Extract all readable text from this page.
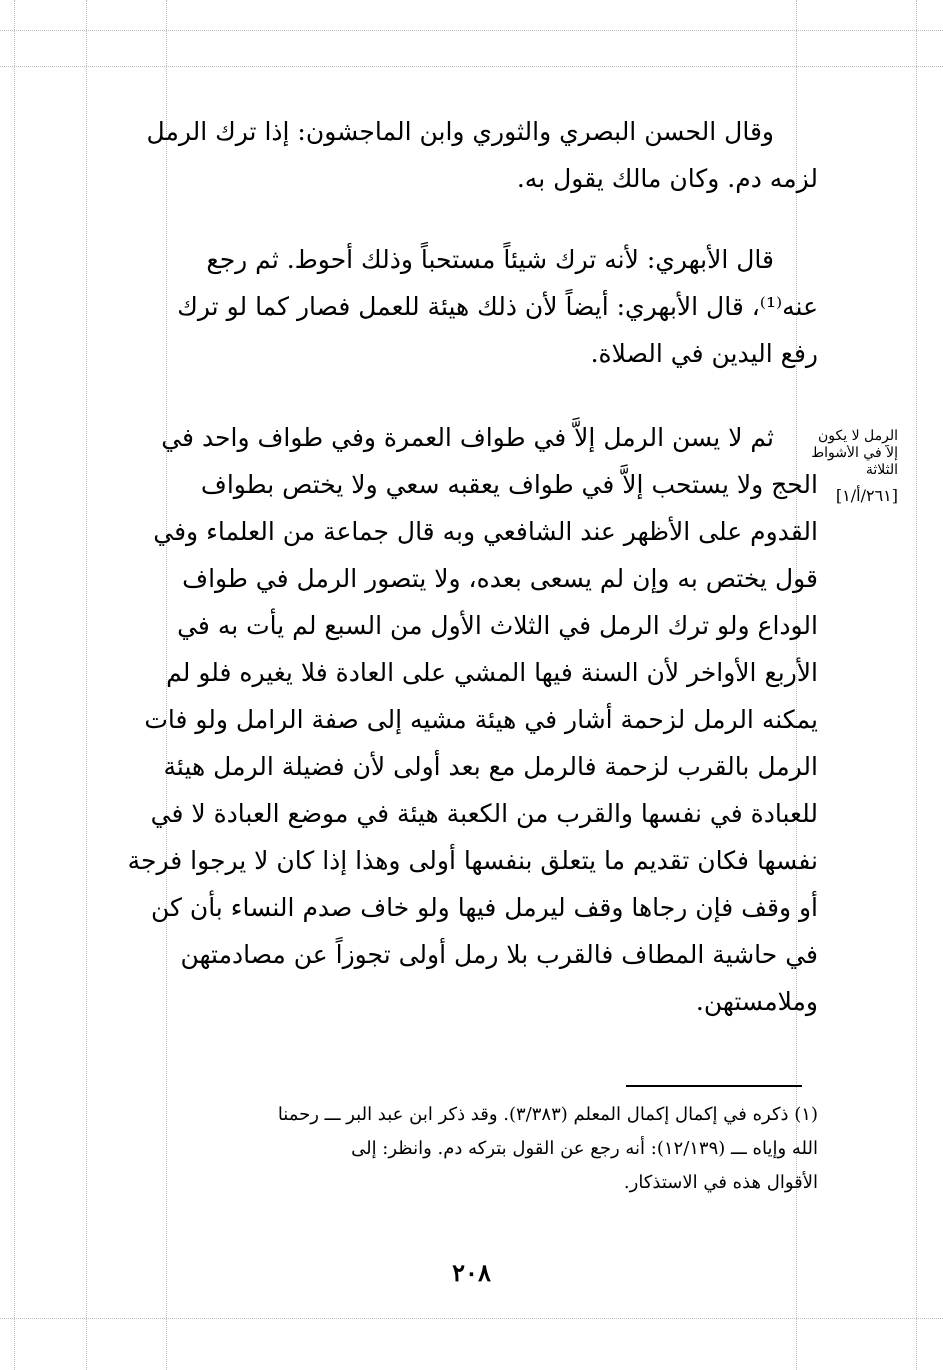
وقال الحسن البصري والثوري وابن الماجشون: إذا ترك الرمل
لزمه دم. وكان مالك يقول به.
قال الأبهري: لأنه ترك شيئاً مستحباً وذلك أحوط. ثم رجع
عنه⁽¹⁾، قال الأبهري: أيضاً لأن ذلك هيئة للعمل فصار كما لو ترك
رفع اليدين في الصلاة.
ثم لا يسن الرمل إلاَّ في طواف العمرة وفي طواف واحد في
الحج ولا يستحب إلاَّ في طواف يعقبه سعي ولا يختص بطواف
القدوم على الأظهر عند الشافعي وبه قال جماعة من العلماء وفي
قول يختص به وإن لم يسعى بعده، ولا يتصور الرمل في طواف
الوداع ولو ترك الرمل في الثلاث الأول من السبع لم يأت به في
الأربع الأواخر لأن السنة فيها المشي على العادة فلا يغيره فلو لم
يمكنه الرمل لزحمة أشار في هيئة مشيه إلى صفة الرامل ولو فات
الرمل بالقرب لزحمة فالرمل مع بعد أولى لأن فضيلة الرمل هيئة
للعبادة في نفسها والقرب من الكعبة هيئة في موضع العبادة لا في
نفسها فكان تقديم ما يتعلق بنفسها أولى وهذا إذا كان لا يرجوا فرجة
أو وقف فإن رجاها وقف ليرمل فيها ولو خاف صدم النساء بأن كن
في حاشية المطاف فالقرب بلا رمل أولى تجوزاً عن مصادمتهن
وملامستهن.
الرمل لا يكون
إلاَّ في الأشواط
الثلاثة
[٢٦١/أ/١]
(١) ذكره في إكمال إكمال المعلم (٣/٣٨٣). وقد ذكر ابن عبد البر ـــ رحمنا
الله وإياه ـــ (١٢/١٣٩): أنه رجع عن القول بتركه دم. وانظر: إلى
الأقوال هذه في الاستذكار.
٢٠٨
